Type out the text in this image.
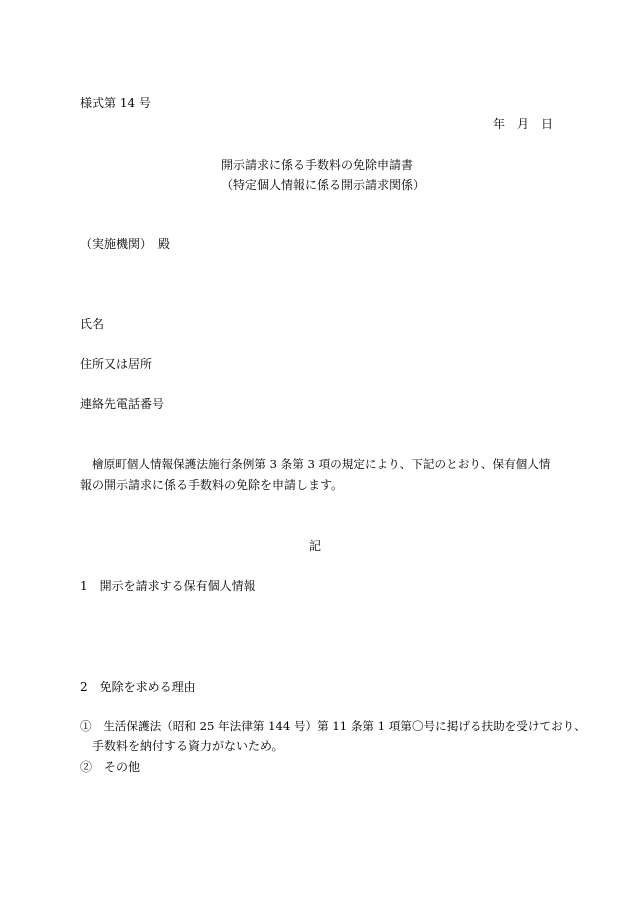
様式第 14 号
年　月　日
開示請求に係る手数料の免除申請書
（特定個人情報に係る開示請求関係）
（実施機関）　殿
氏名
住所又は居所
連絡先電話番号
檜原町個人情報保護法施行条例第 3 条第 3 項の規定により、下記のとおり、保有個人情
報の開示請求に係る手数料の免除を申請します。
記
1　開示を請求する保有個人情報
2　免除を求める理由
①　生活保護法（昭和 25 年法律第 144 号）第 11 条第 1 項第〇号に掲げる扶助を受けており、
手数料を納付する資力がないため。
②　その他
